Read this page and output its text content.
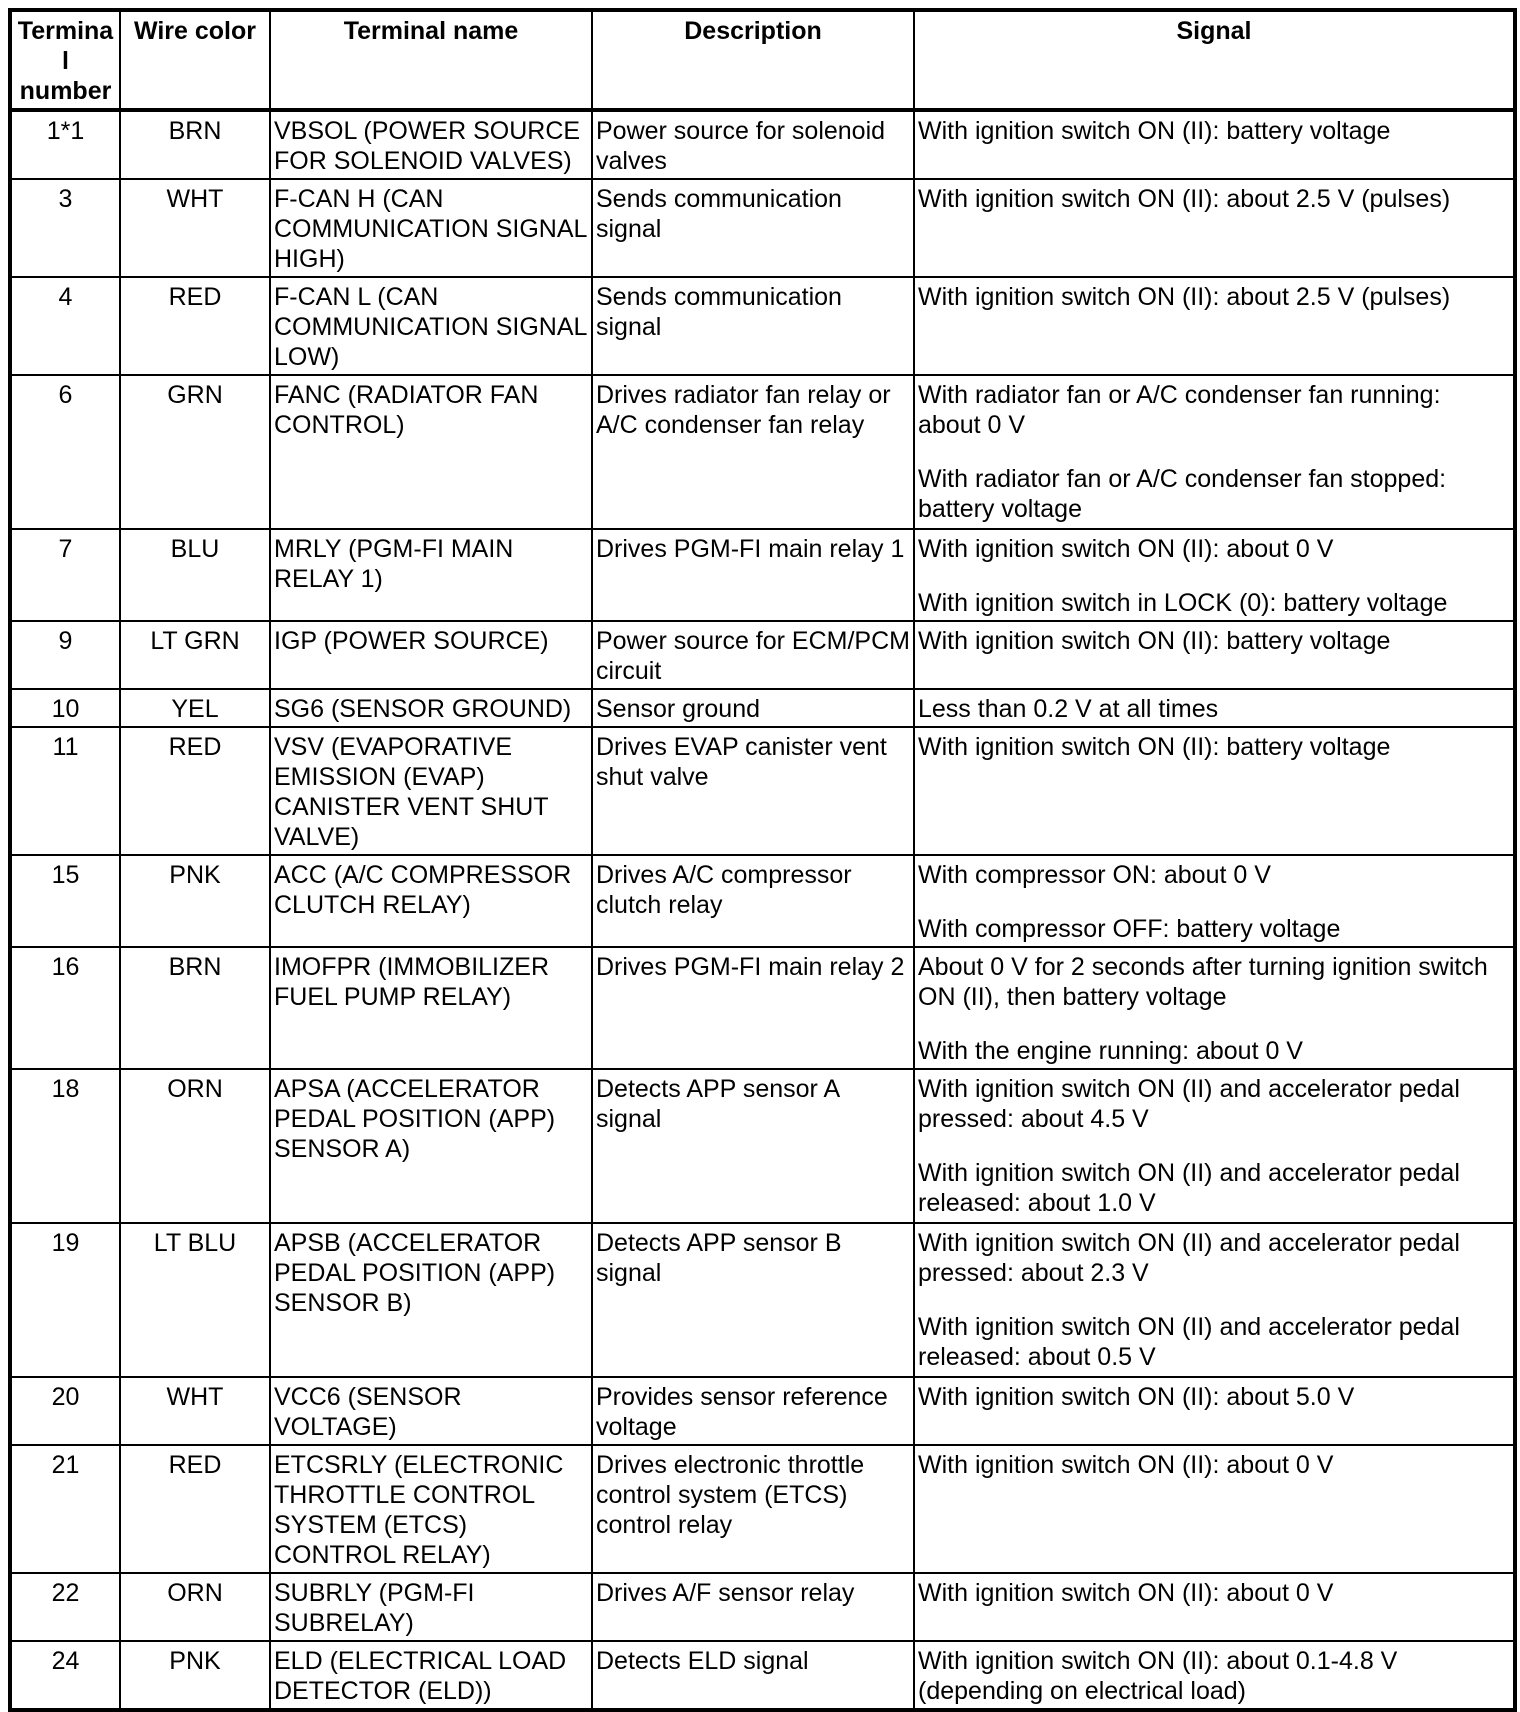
Terminal number	Wire color	Terminal name	Description	Signal
1*1	BRN	VBSOL (POWER SOURCE FOR SOLENOID VALVES)	Power source for solenoid valves	With ignition switch ON (II): battery voltage

3	WHT	F-CAN H (CAN COMMUNICATION SIGNAL HIGH)	Sends communication signal	With ignition switch ON (II): about 2.5 V (pulses)

4	RED	F-CAN L (CAN COMMUNICATION SIGNAL LOW)	Sends communication signal	With ignition switch ON (II): about 2.5 V (pulses)

6	GRN	FANC (RADIATOR FAN CONTROL)	Drives radiator fan relay or A/C condenser fan relay	With radiator fan or A/C condenser fan running: about 0 V
With radiator fan or A/C condenser fan stopped: battery voltage

7	BLU	MRLY (PGM-FI MAIN RELAY 1)	Drives PGM-FI main relay 1	With ignition switch ON (II): about 0 V
With ignition switch in LOCK (0): battery voltage

9	LT GRN	IGP (POWER SOURCE)	Power source for ECM/PCM circuit	With ignition switch ON (II): battery voltage

10	YEL	SG6 (SENSOR GROUND)	Sensor ground	Less than 0.2 V at all times

11	RED	VSV (EVAPORATIVE EMISSION (EVAP) CANISTER VENT SHUT VALVE)	Drives EVAP canister vent shut valve	With ignition switch ON (II): battery voltage

15	PNK	ACC (A/C COMPRESSOR CLUTCH RELAY)	Drives A/C compressor clutch relay	With compressor ON: about 0 V
With compressor OFF: battery voltage

16	BRN	IMOFPR (IMMOBILIZER FUEL PUMP RELAY)	Drives PGM-FI main relay 2	About 0 V for 2 seconds after turning ignition switch ON (II), then battery voltage
With the engine running: about 0 V

18	ORN	APSA (ACCELERATOR PEDAL POSITION (APP) SENSOR A)	Detects APP sensor A signal	With ignition switch ON (II) and accelerator pedal pressed: about 4.5 V
With ignition switch ON (II) and accelerator pedal released: about 1.0 V

19	LT BLU	APSB (ACCELERATOR PEDAL POSITION (APP) SENSOR B)	Detects APP sensor B signal	With ignition switch ON (II) and accelerator pedal pressed: about 2.3 V
With ignition switch ON (II) and accelerator pedal released: about 0.5 V

20	WHT	VCC6 (SENSOR VOLTAGE)	Provides sensor reference voltage	With ignition switch ON (II): about 5.0 V

21	RED	ETCSRLY (ELECTRONIC THROTTLE CONTROL SYSTEM (ETCS) CONTROL RELAY)	Drives electronic throttle control system (ETCS) control relay	With ignition switch ON (II): about 0 V

22	ORN	SUBRLY (PGM-FI SUBRELAY)	Drives A/F sensor relay	With ignition switch ON (II): about 0 V

24	PNK	ELD (ELECTRICAL LOAD DETECTOR (ELD))	Detects ELD signal	With ignition switch ON (II): about 0.1-4.8 V (depending on electrical load)
